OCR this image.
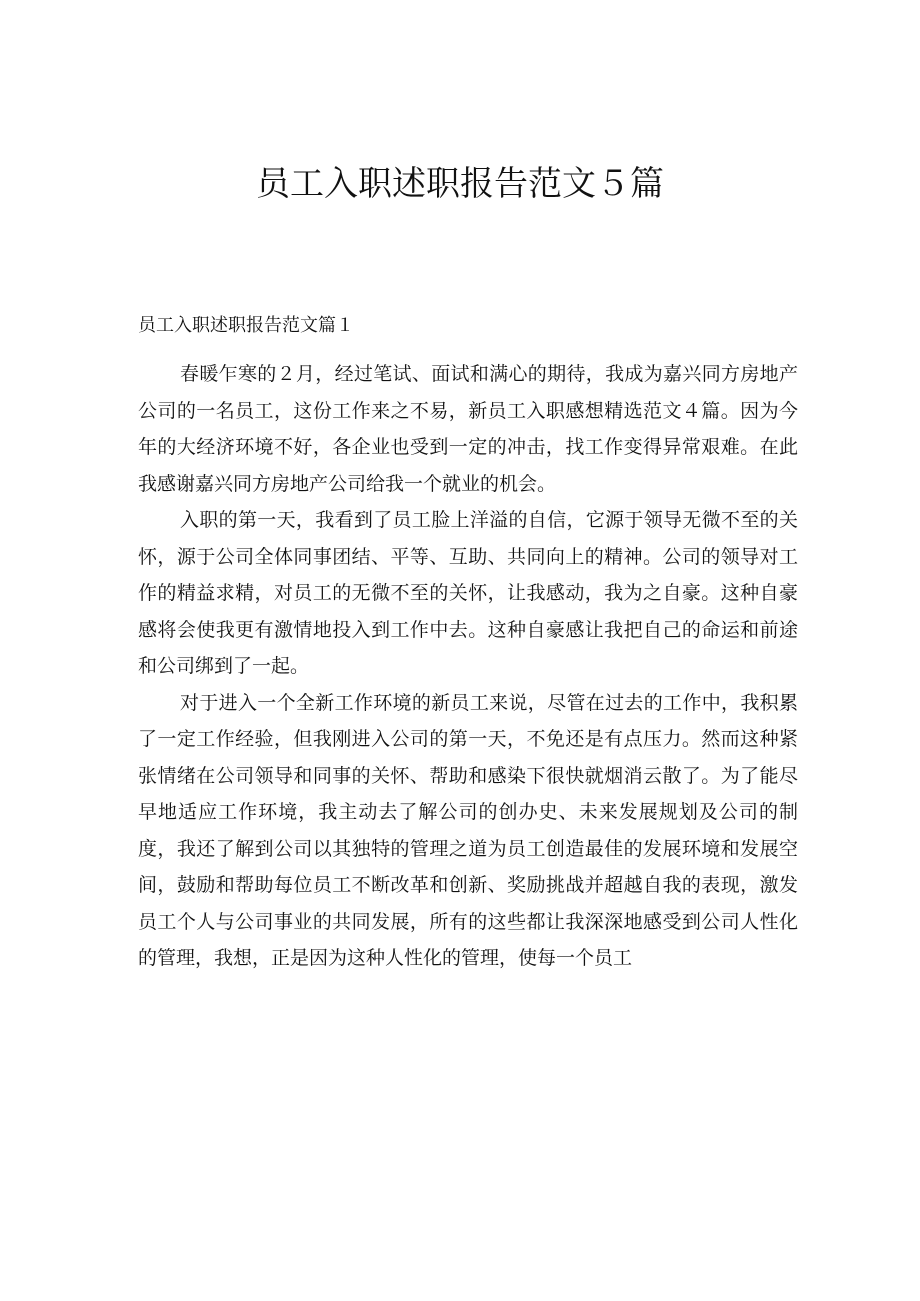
员工入职述职报告范文５篇

员工入职述职报告范文篇１

春暖乍寒的２月，经过笔试、面试和满心的期待，我成为嘉兴同方房地产公司的一名员工，这份工作来之不易，新员工入职感想精选范文４篇。因为今年的大经济环境不好，各企业也受到一定的冲击，找工作变得异常艰难。在此我感谢嘉兴同方房地产公司给我一个就业的机会。

入职的第一天，我看到了员工脸上洋溢的自信，它源于领导无微不至的关怀，源于公司全体同事团结、平等、互助、共同向上的精神。公司的领导对工作的精益求精，对员工的无微不至的关怀，让我感动，我为之自豪。这种自豪感将会使我更有激情地投入到工作中去。这种自豪感让我把自己的命运和前途和公司绑到了一起。

对于进入一个全新工作环境的新员工来说，尽管在过去的工作中，我积累了一定工作经验，但我刚进入公司的第一天，不免还是有点压力。然而这种紧张情绪在公司领导和同事的关怀、帮助和感染下很快就烟消云散了。为了能尽早地适应工作环境，我主动去了解公司的创办史、未来发展规划及公司的制度，我还了解到公司以其独特的管理之道为员工创造最佳的发展环境和发展空间，鼓励和帮助每位员工不断改革和创新、奖励挑战并超越自我的表现，激发员工个人与公司事业的共同发展，所有的这些都让我深深地感受到公司人性化的管理，我想，正是因为这种人性化的管理，使每一个员工
